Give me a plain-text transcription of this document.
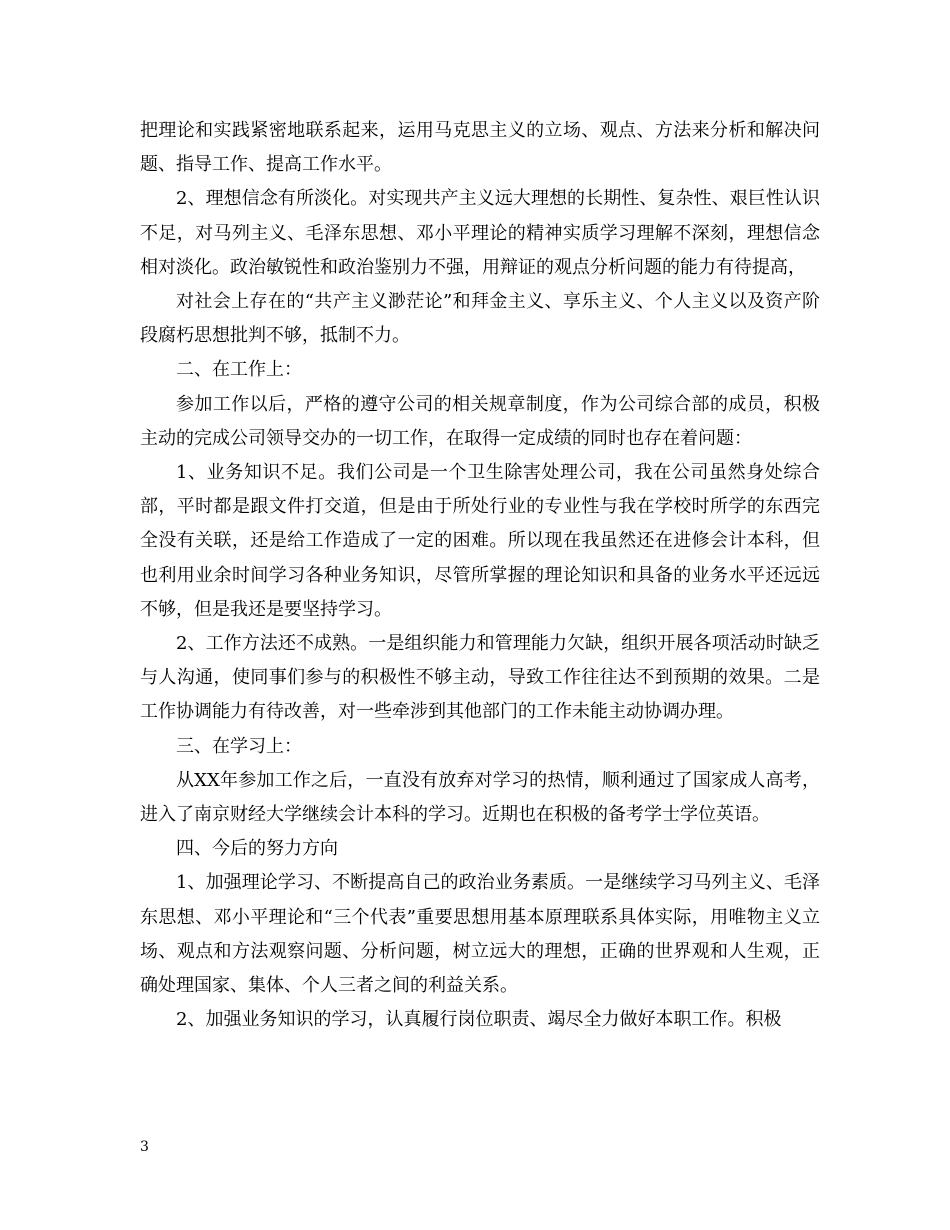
把理论和实践紧密地联系起来，运用马克思主义的立场、观点、方法来分析和解决问题、指导工作、提高工作水平。

2、理想信念有所淡化。对实现共产主义远大理想的长期性、复杂性、艰巨性认识不足，对马列主义、毛泽东思想、邓小平理论的精神实质学习理解不深刻，理想信念相对淡化。政治敏锐性和政治鉴别力不强，用辩证的观点分析问题的能力有待提高，

对社会上存在的“共产主义渺茫论”和拜金主义、享乐主义、个人主义以及资产阶段腐朽思想批判不够，抵制不力。

二、在工作上：

参加工作以后，严格的遵守公司的相关规章制度，作为公司综合部的成员，积极主动的完成公司领导交办的一切工作，在取得一定成绩的同时也存在着问题：

1、业务知识不足。我们公司是一个卫生除害处理公司，我在公司虽然身处综合部，平时都是跟文件打交道，但是由于所处行业的专业性与我在学校时所学的东西完全没有关联，还是给工作造成了一定的困难。所以现在我虽然还在进修会计本科，但也利用业余时间学习各种业务知识，尽管所掌握的理论知识和具备的业务水平还远远不够，但是我还是要坚持学习。

2、工作方法还不成熟。一是组织能力和管理能力欠缺，组织开展各项活动时缺乏与人沟通，使同事们参与的积极性不够主动，导致工作往往达不到预期的效果。二是工作协调能力有待改善，对一些牵涉到其他部门的工作未能主动协调办理。

三、在学习上：

从XX年参加工作之后，一直没有放弃对学习的热情，顺利通过了国家成人高考，进入了南京财经大学继续会计本科的学习。近期也在积极的备考学士学位英语。

四、今后的努力方向

1、加强理论学习、不断提高自己的政治业务素质。一是继续学习马列主义、毛泽东思想、邓小平理论和“三个代表”重要思想用基本原理联系具体实际，用唯物主义立场、观点和方法观察问题、分析问题，树立远大的理想，正确的世界观和人生观，正确处理国家、集体、个人三者之间的利益关系。

2、加强业务知识的学习，认真履行岗位职责、竭尽全力做好本职工作。积极

3
